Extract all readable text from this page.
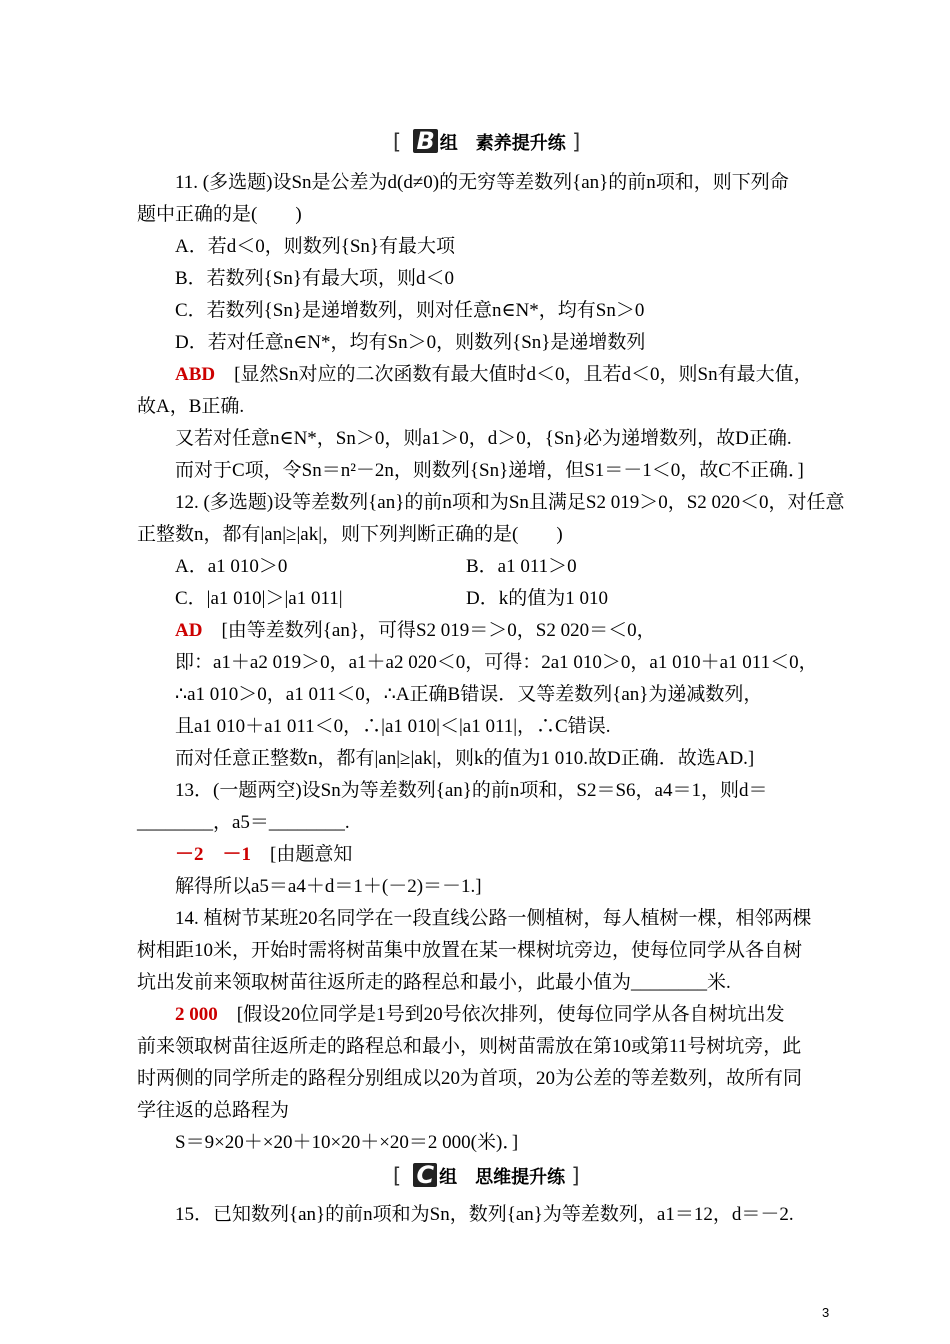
[ B 组 素养提升练 ]
11. (多选题)设Sn是公差为d(d≠0)的无穷等差数列{an}的前n项和，则下列命
题中正确的是(　　)
A．若d＜0，则数列{Sn}有最大项
B．若数列{Sn}有最大项，则d＜0
C．若数列{Sn}是递增数列，则对任意n∈N*，均有Sn＞0
D．若对任意n∈N*，均有Sn＞0，则数列{Sn}是递增数列
ABD　 [显然Sn对应的二次函数有最大值时d＜0，且若d＜0，则Sn有最大值，
故A，B正确.
又若对任意n∈N*，Sn＞0，则a1＞0，d＞0，{Sn}必为递增数列，故D正确.
而对于C项，令Sn＝n²－2n，则数列{Sn}递增，但S1＝－1＜0，故C不正确．]
12. (多选题)设等差数列{an}的前n项和为Sn且满足S2 019＞0，S2 020＜0，对任意
正整数n，都有|an|≥|ak|，则下列判断正确的是(　　)
A．a1 010＞0	B．a1 011＞0
C．|a1 010|＞|a1 011|	D．k的值为1 010
AD　 [由等差数列{an}，可得S2 019＝＞0，S2 020＝＜0，
即：a1＋a2 019＞0，a1＋a2 020＜0，可得：2a1 010＞0，a1 010＋a1 011＜0，
∴a1 010＞0，a1 011＜0，∴A正确B错误．又等差数列{an}为递减数列，
且a1 010＋a1 011＜0，∴|a1 010|＜|a1 011|，∴C错误.
而对任意正整数n，都有|an|≥|ak|，则k的值为1 010.故D正确．故选AD.]
13．(一题两空)设Sn为等差数列{an}的前n项和，S2＝S6，a4＝1，则d＝
________，a5＝________.
－2　－1　 [由题意知
解得所以a5＝a4＋d＝1＋(－2)＝－1.]
14. 植树节某班20名同学在一段直线公路一侧植树，每人植树一棵，相邻两棵
树相距10米，开始时需将树苗集中放置在某一棵树坑旁边，使每位同学从各自树
坑出发前来领取树苗往返所走的路程总和最小，此最小值为________米.
2 000　 [假设20位同学是1号到20号依次排列，使每位同学从各自树坑出发
前来领取树苗往返所走的路程总和最小，则树苗需放在第10或第11号树坑旁，此
时两侧的同学所走的路程分别组成以20为首项，20为公差的等差数列，故所有同
学往返的总路程为
S＝9×20＋×20＋10×20＋×20＝2 000(米)．]
[ C 组 思维提升练 ]
15．已知数列{an}的前n项和为Sn，数列{an}为等差数列，a1＝12，d＝－2.
3
